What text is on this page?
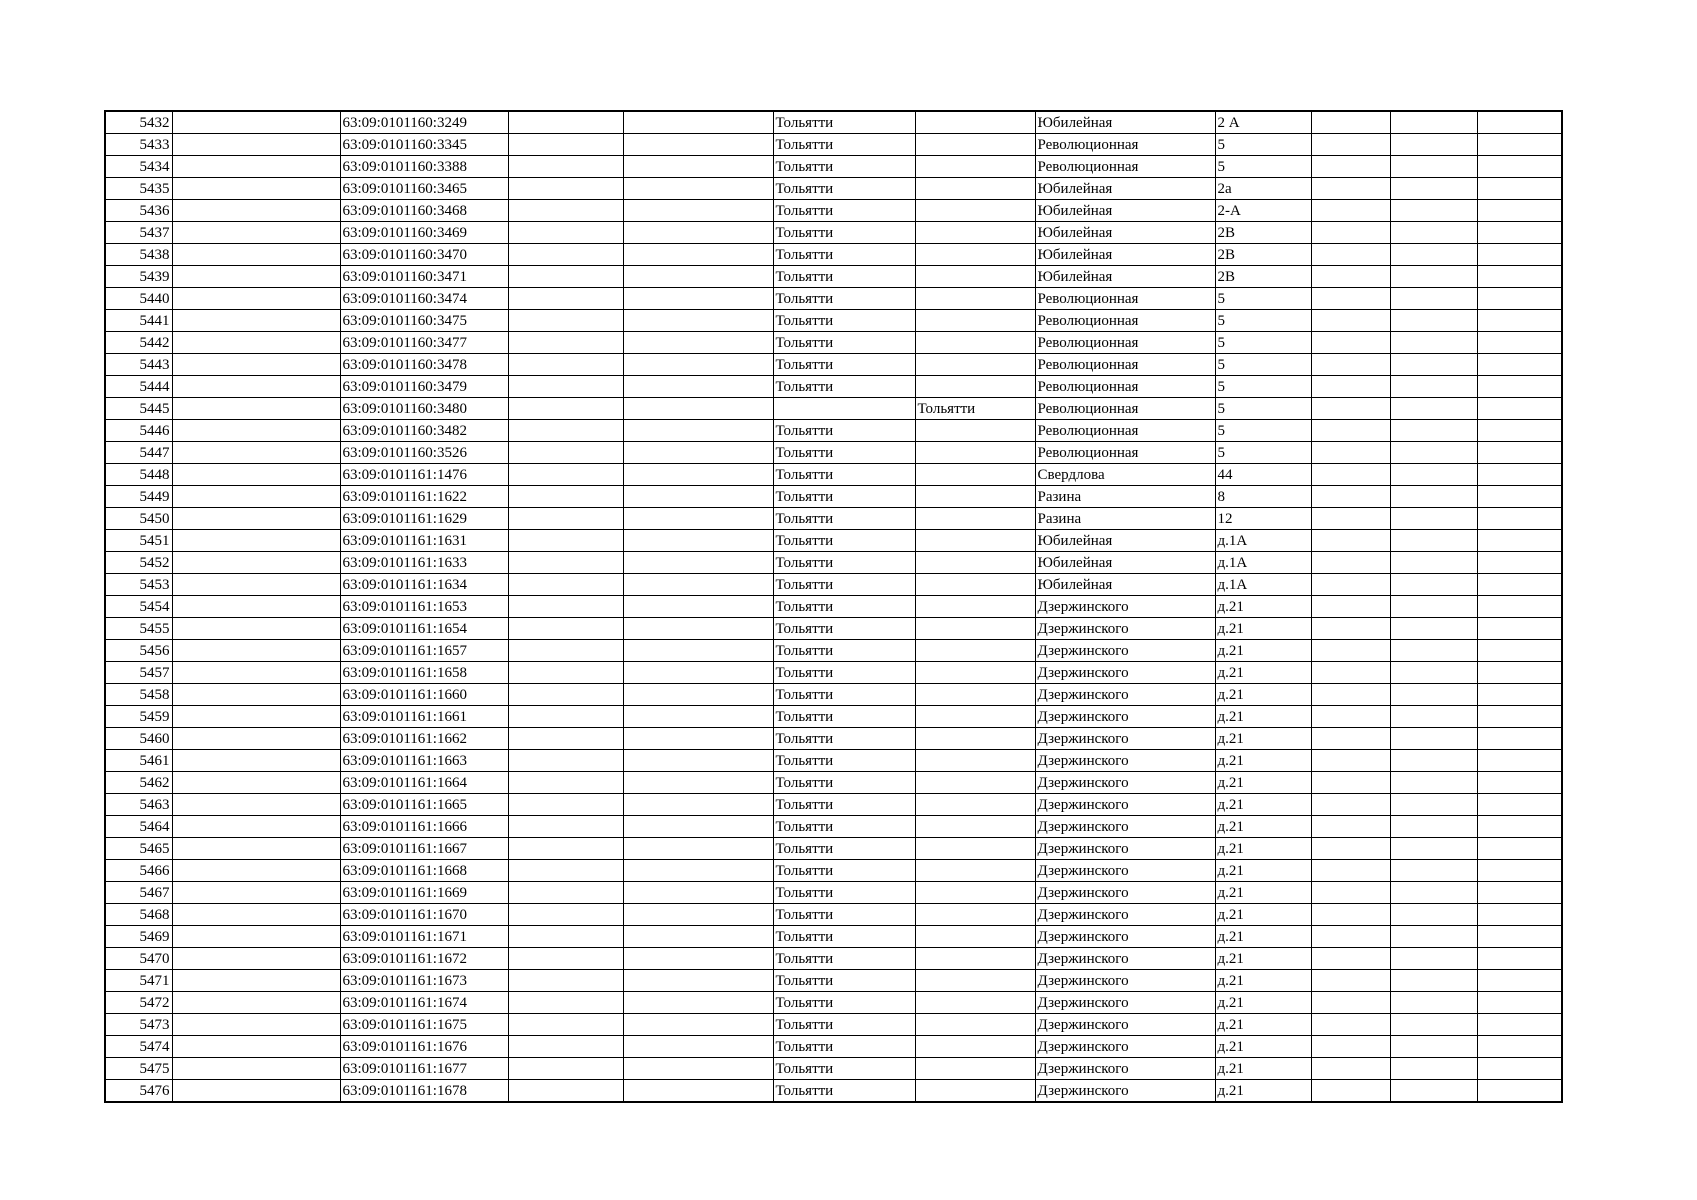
5432		63:09:0101160:3249			Тольятти		Юбилейная	2 А			
5433		63:09:0101160:3345			Тольятти		Революционная	5			
5434		63:09:0101160:3388			Тольятти		Революционная	5			
5435		63:09:0101160:3465			Тольятти		Юбилейная	2а			
5436		63:09:0101160:3468			Тольятти		Юбилейная	2-А			
5437		63:09:0101160:3469			Тольятти		Юбилейная	2В			
5438		63:09:0101160:3470			Тольятти		Юбилейная	2В			
5439		63:09:0101160:3471			Тольятти		Юбилейная	2В			
5440		63:09:0101160:3474			Тольятти		Революционная	5			
5441		63:09:0101160:3475			Тольятти		Революционная	5			
5442		63:09:0101160:3477			Тольятти		Революционная	5			
5443		63:09:0101160:3478			Тольятти		Революционная	5			
5444		63:09:0101160:3479			Тольятти		Революционная	5			
5445		63:09:0101160:3480				Тольятти	Революционная	5			
5446		63:09:0101160:3482			Тольятти		Революционная	5			
5447		63:09:0101160:3526			Тольятти		Революционная	5			
5448		63:09:0101161:1476			Тольятти		Свердлова	44			
5449		63:09:0101161:1622			Тольятти		Разина	8			
5450		63:09:0101161:1629			Тольятти		Разина	12			
5451		63:09:0101161:1631			Тольятти		Юбилейная	д.1А			
5452		63:09:0101161:1633			Тольятти		Юбилейная	д.1А			
5453		63:09:0101161:1634			Тольятти		Юбилейная	д.1А			
5454		63:09:0101161:1653			Тольятти		Дзержинского	д.21			
5455		63:09:0101161:1654			Тольятти		Дзержинского	д.21			
5456		63:09:0101161:1657			Тольятти		Дзержинского	д.21			
5457		63:09:0101161:1658			Тольятти		Дзержинского	д.21			
5458		63:09:0101161:1660			Тольятти		Дзержинского	д.21			
5459		63:09:0101161:1661			Тольятти		Дзержинского	д.21			
5460		63:09:0101161:1662			Тольятти		Дзержинского	д.21			
5461		63:09:0101161:1663			Тольятти		Дзержинского	д.21			
5462		63:09:0101161:1664			Тольятти		Дзержинского	д.21			
5463		63:09:0101161:1665			Тольятти		Дзержинского	д.21			
5464		63:09:0101161:1666			Тольятти		Дзержинского	д.21			
5465		63:09:0101161:1667			Тольятти		Дзержинского	д.21			
5466		63:09:0101161:1668			Тольятти		Дзержинского	д.21			
5467		63:09:0101161:1669			Тольятти		Дзержинского	д.21			
5468		63:09:0101161:1670			Тольятти		Дзержинского	д.21			
5469		63:09:0101161:1671			Тольятти		Дзержинского	д.21			
5470		63:09:0101161:1672			Тольятти		Дзержинского	д.21			
5471		63:09:0101161:1673			Тольятти		Дзержинского	д.21			
5472		63:09:0101161:1674			Тольятти		Дзержинского	д.21			
5473		63:09:0101161:1675			Тольятти		Дзержинского	д.21			
5474		63:09:0101161:1676			Тольятти		Дзержинского	д.21			
5475		63:09:0101161:1677			Тольятти		Дзержинского	д.21			
5476		63:09:0101161:1678			Тольятти		Дзержинского	д.21			
